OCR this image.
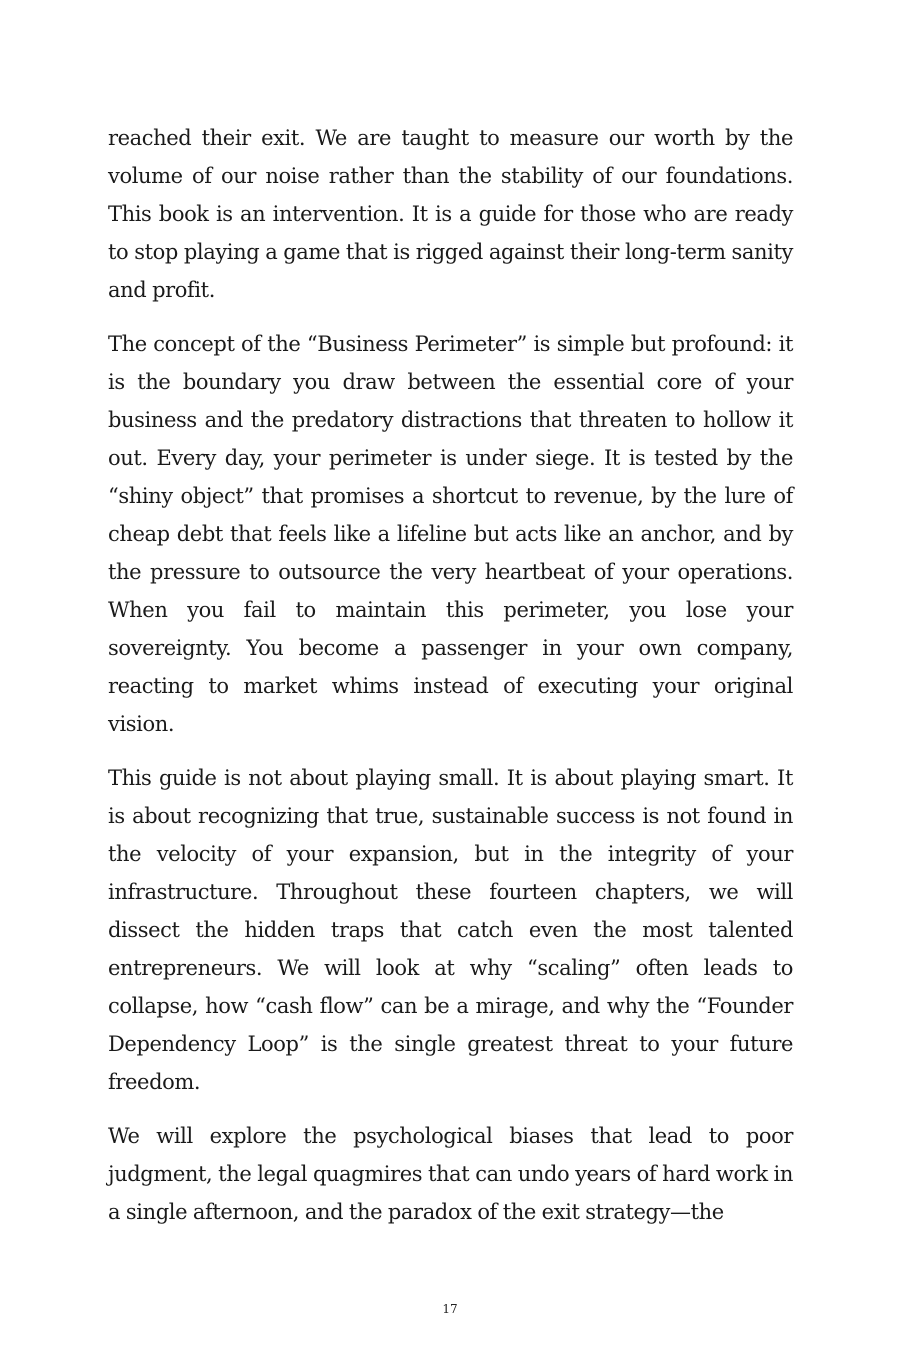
reached their exit. We are taught to measure our worth by the volume of our noise rather than the stability of our foundations. This book is an intervention. It is a guide for those who are ready to stop playing a game that is rigged against their long-term sanity and profit.

The concept of the “Business Perimeter” is simple but profound: it is the boundary you draw between the essential core of your business and the predatory distractions that threaten to hollow it out. Every day, your perimeter is under siege. It is tested by the “shiny object” that promises a shortcut to revenue, by the lure of cheap debt that feels like a lifeline but acts like an anchor, and by the pressure to outsource the very heartbeat of your operations. When you fail to maintain this perimeter, you lose your sovereignty. You become a passenger in your own company, reacting to market whims instead of executing your original vision.

This guide is not about playing small. It is about playing smart. It is about recognizing that true, sustainable success is not found in the velocity of your expansion, but in the integrity of your infrastructure. Throughout these fourteen chapters, we will dissect the hidden traps that catch even the most talented entrepreneurs. We will look at why “scaling” often leads to collapse, how “cash flow” can be a mirage, and why the “Founder Dependency Loop” is the single greatest threat to your future freedom.

We will explore the psychological biases that lead to poor judgment, the legal quagmires that can undo years of hard work in a single afternoon, and the paradox of the exit strategy—the

17
